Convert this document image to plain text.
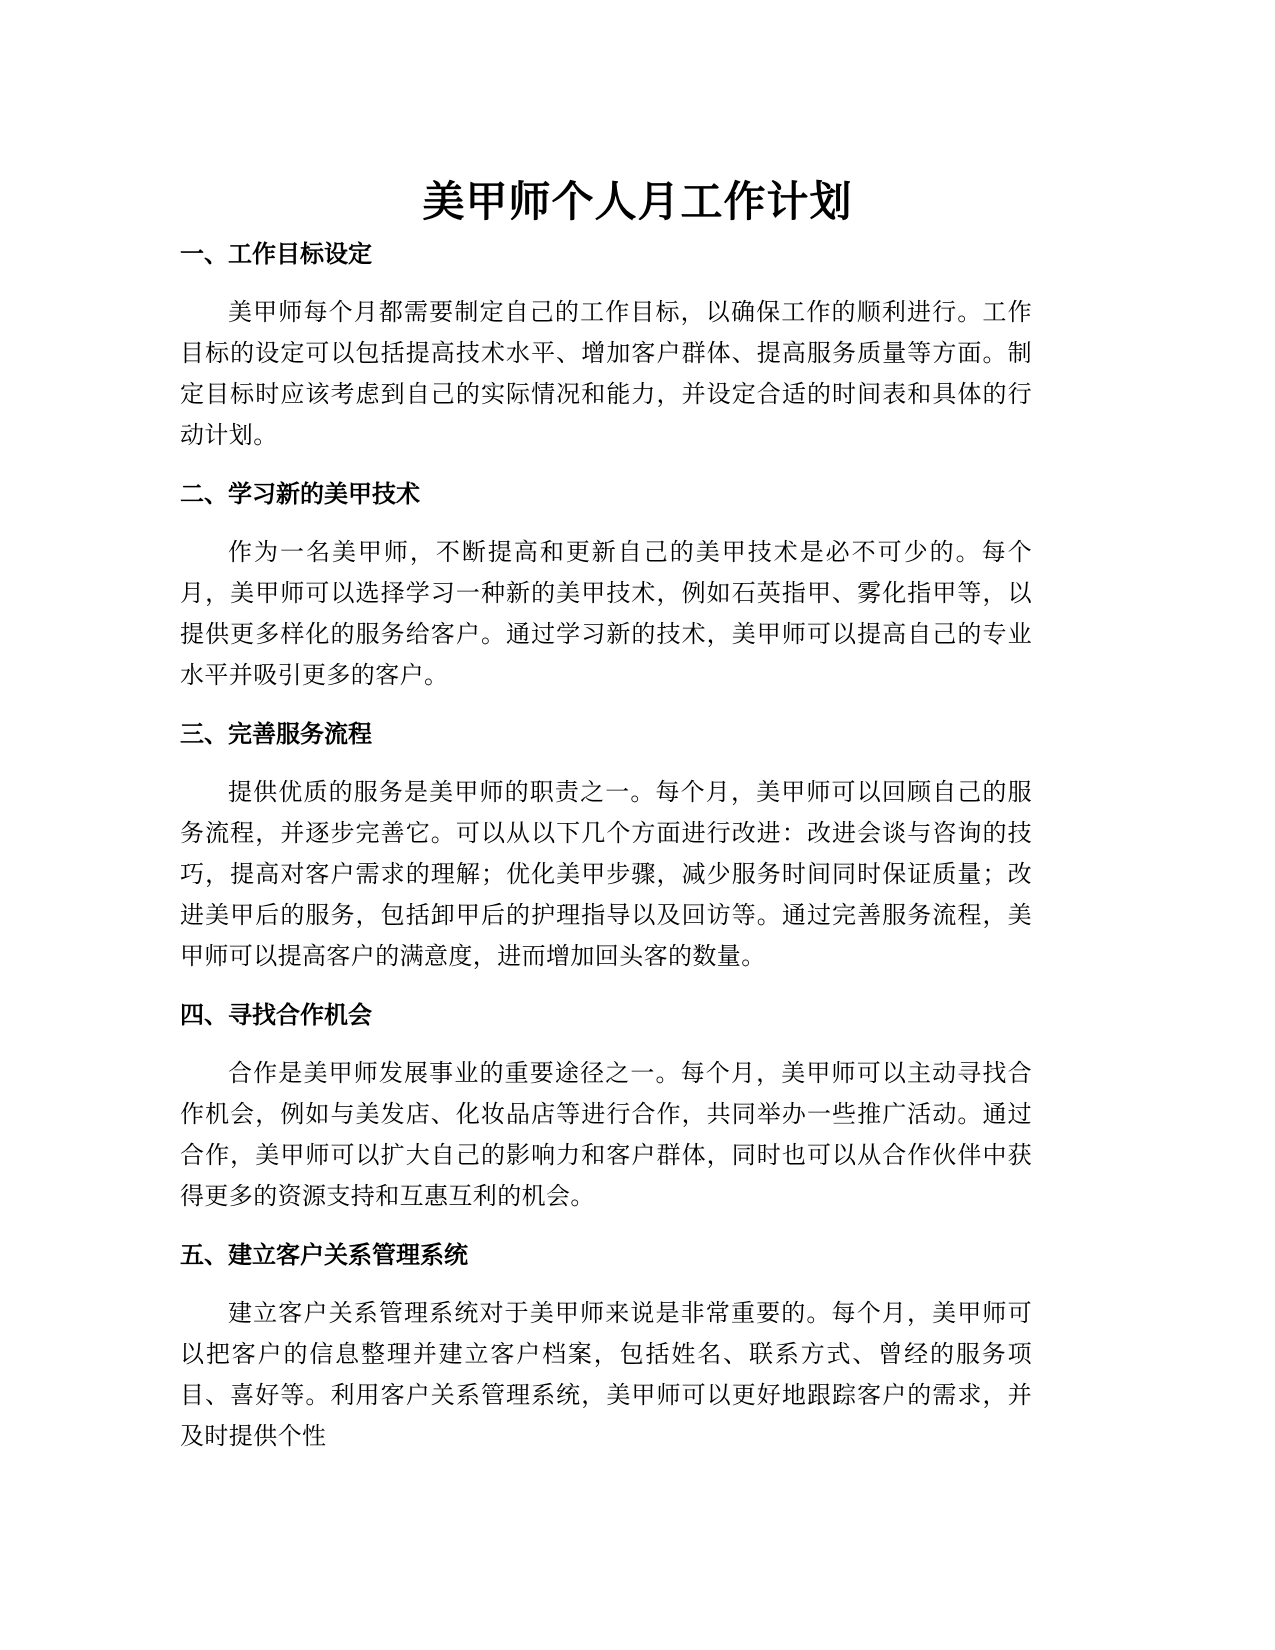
美甲师个人月工作计划
一、工作目标设定

美甲师每个月都需要制定自己的工作目标，以确保工作的顺利进行。工作目标的设定可以包括提高技术水平、增加客户群体、提高服务质量等方面。制定目标时应该考虑到自己的实际情况和能力，并设定合适的时间表和具体的行动计划。

二、学习新的美甲技术

作为一名美甲师，不断提高和更新自己的美甲技术是必不可少的。每个月，美甲师可以选择学习一种新的美甲技术，例如石英指甲、雾化指甲等，以提供更多样化的服务给客户。通过学习新的技术，美甲师可以提高自己的专业水平并吸引更多的客户。

三、完善服务流程

提供优质的服务是美甲师的职责之一。每个月，美甲师可以回顾自己的服务流程，并逐步完善它。可以从以下几个方面进行改进：改进会谈与咨询的技巧，提高对客户需求的理解；优化美甲步骤，减少服务时间同时保证质量；改进美甲后的服务，包括卸甲后的护理指导以及回访等。通过完善服务流程，美甲师可以提高客户的满意度，进而增加回头客的数量。

四、寻找合作机会

合作是美甲师发展事业的重要途径之一。每个月，美甲师可以主动寻找合作机会，例如与美发店、化妆品店等进行合作，共同举办一些推广活动。通过合作，美甲师可以扩大自己的影响力和客户群体，同时也可以从合作伙伴中获得更多的资源支持和互惠互利的机会。

五、建立客户关系管理系统

建立客户关系管理系统对于美甲师来说是非常重要的。每个月，美甲师可以把客户的信息整理并建立客户档案，包括姓名、联系方式、曾经的服务项目、喜好等。利用客户关系管理系统，美甲师可以更好地跟踪客户的需求，并及时提供个性
